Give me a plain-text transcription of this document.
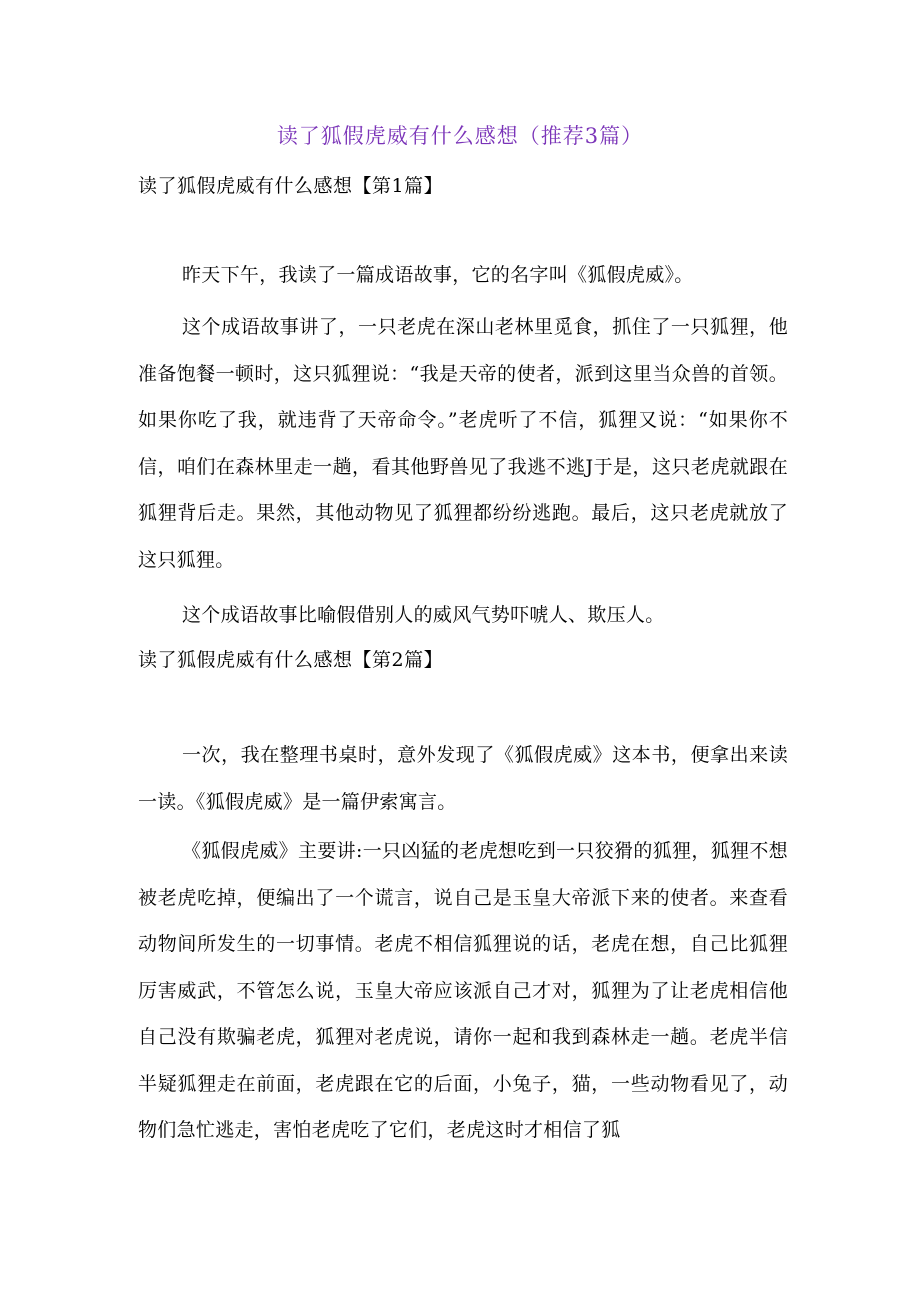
读了狐假虎威有什么感想（推荐3篇）
读了狐假虎威有什么感想【第1篇】

昨天下午，我读了一篇成语故事，它的名字叫《狐假虎威》。

这个成语故事讲了，一只老虎在深山老林里觅食，抓住了一只狐狸，他准备饱餐一顿时，这只狐狸说：“我是天帝的使者，派到这里当众兽的首领。如果你吃了我，就违背了天帝命令。”老虎听了不信，狐狸又说：“如果你不信，咱们在森林里走一趟，看其他野兽见了我逃不逃J于是，这只老虎就跟在狐狸背后走。果然，其他动物见了狐狸都纷纷逃跑。最后，这只老虎就放了这只狐狸。

这个成语故事比喻假借别人的威风气势吓唬人、欺压人。

读了狐假虎威有什么感想【第2篇】

一次，我在整理书桌时，意外发现了《狐假虎威》这本书，便拿出来读一读。《狐假虎威》是一篇伊索寓言。

《狐假虎威》主要讲:一只凶猛的老虎想吃到一只狡猾的狐狸，狐狸不想被老虎吃掉，便编出了一个谎言，说自己是玉皇大帝派下来的使者。来查看动物间所发生的一切事情。老虎不相信狐狸说的话，老虎在想，自己比狐狸厉害威武，不管怎么说，玉皇大帝应该派自己才对，狐狸为了让老虎相信他自己没有欺骗老虎，狐狸对老虎说，请你一起和我到森林走一趟。老虎半信半疑狐狸走在前面，老虎跟在它的后面，小兔子，猫，一些动物看见了，动物们急忙逃走，害怕老虎吃了它们，老虎这时才相信了狐
